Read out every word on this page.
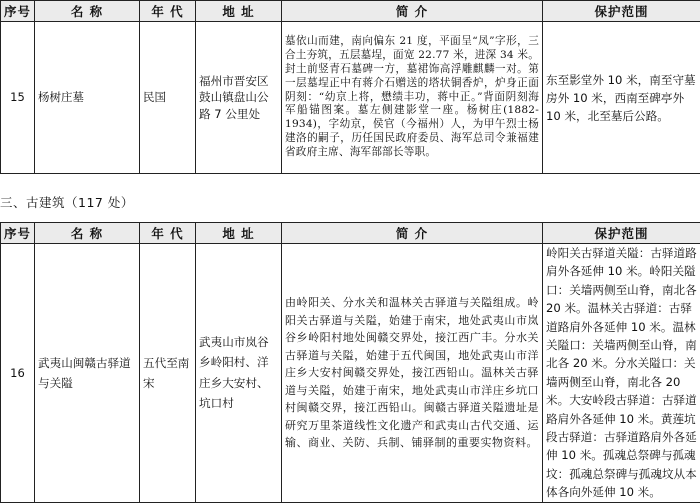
序号	名 称	年 代	地 址	简 介	保护范围
15	杨树庄墓	民国	福州市晋安区鼓山镇盘山公路 7 公里处	墓依山而建，南向偏东 21 度，平面呈“凤”字形，三合土夯筑，五层墓埕，面宽 22.77 米，进深 34 米。封土前竖青石墓碑一方，墓裙饰高浮雕麒麟一对。第一层墓埕正中有蒋介石赠送的塔状铜香炉，炉身正面阴刻：“幼京上将，懋绩丰功，蒋中正。”背面阴刻海军船锚图案。墓左侧建影堂一座。杨树庄(1882-1934)，字幼京，侯官（今福州）人，为甲午烈士杨建洛的嗣子，历任国民政府委员、海军总司令兼福建省政府主席、海军部部长等职。	东至影堂外 10 米，南至守墓房外 10 米，西南至碑亭外 10 米，北至墓后公路。
三、古建筑（117 处）
序号	名 称	年 代	地 址	简 介	保护范围
16	武夷山闽赣古驿道与关隘	五代至南宋	武夷山市岚谷乡岭阳村、洋庄乡大安村、坑口村	由岭阳关、分水关和温林关古驿道与关隘组成。岭阳关古驿道与关隘，始建于南宋，地处武夷山市岚谷乡岭阳村地处闽赣交界处，接江西广丰。分水关古驿道与关隘，始建于五代闽国，地处武夷山市洋庄乡大安村闽赣交界处，接江西铅山。温林关古驿道与关隘，始建于南宋，地处武夷山市洋庄乡坑口村闽赣交界，接江西铅山。闽赣古驿道关隘遗址是研究万里茶道线性文化遗产和武夷山古代交通、运输、商业、关防、兵制、铺驿制的重要实物资料。	岭阳关古驿道关隘：古驿道路肩外各延伸 10 米。岭阳关隘口：关墙两侧至山脊，南北各 20 米。温林关古驿道：古驿道路肩外各延伸 10 米。温林关隘口：关墙两侧至山脊，南北各 20 米。分水关隘口：关墙两侧至山脊，南北各 20 米。大安岭段古驿道：古驿道路肩外各延伸 10 米。黄莲坑段古驿道：古驿道路肩外各延伸 10 米。孤魂总祭碑与孤魂坟：孤魂总祭碑与孤魂坟从本体各向外延伸 10 米。
